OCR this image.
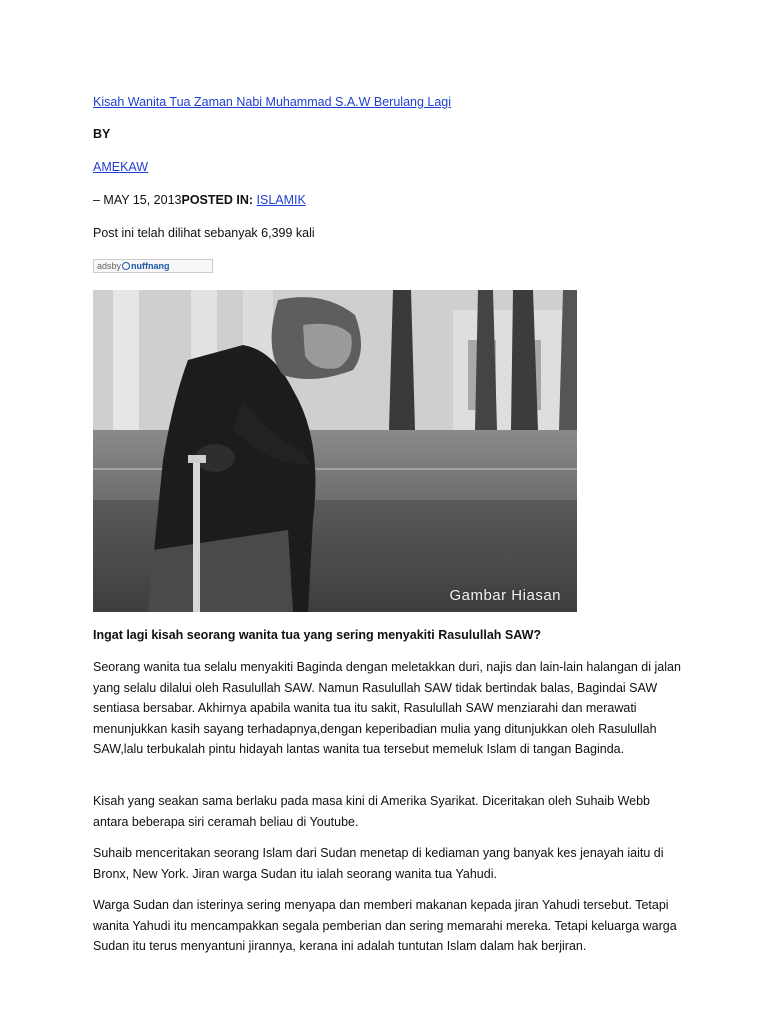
Kisah Wanita Tua Zaman Nabi Muhammad S.A.W Berulang Lagi
BY
AMEKAW
– MAY 15, 2013POSTED IN: ISLAMIK
Post ini telah dilihat sebanyak 6,399 kali
adsby nuffnang
Gambar Hiasan
Ingat lagi kisah seorang wanita tua yang sering menyakiti Rasulullah SAW?

Seorang wanita tua selalu menyakiti Baginda dengan meletakkan duri, najis dan lain-lain halangan di jalan yang selalu dilalui oleh Rasulullah SAW. Namun Rasulullah SAW tidak bertindak balas, Bagindai SAW sentiasa bersabar. Akhirnya apabila wanita tua itu sakit, Rasulullah SAW menziarahi dan merawati menunjukkan kasih sayang terhadapnya,dengan keperibadian mulia yang ditunjukkan oleh Rasulullah SAW,lalu terbukalah pintu hidayah lantas wanita tua tersebut memeluk Islam di tangan Baginda.

Kisah yang seakan sama berlaku pada masa kini di Amerika Syarikat. Diceritakan oleh Suhaib Webb antara beberapa siri ceramah beliau di Youtube.

Suhaib menceritakan seorang Islam dari Sudan menetap di kediaman yang banyak kes jenayah iaitu di Bronx, New York. Jiran warga Sudan itu ialah seorang wanita tua Yahudi.

Warga Sudan dan isterinya sering menyapa dan memberi makanan kepada jiran Yahudi tersebut. Tetapi wanita Yahudi itu mencampakkan segala pemberian dan sering memarahi mereka. Tetapi keluarga warga Sudan itu terus menyantuni jirannya, kerana ini adalah tuntutan Islam dalam hak berjiran.
